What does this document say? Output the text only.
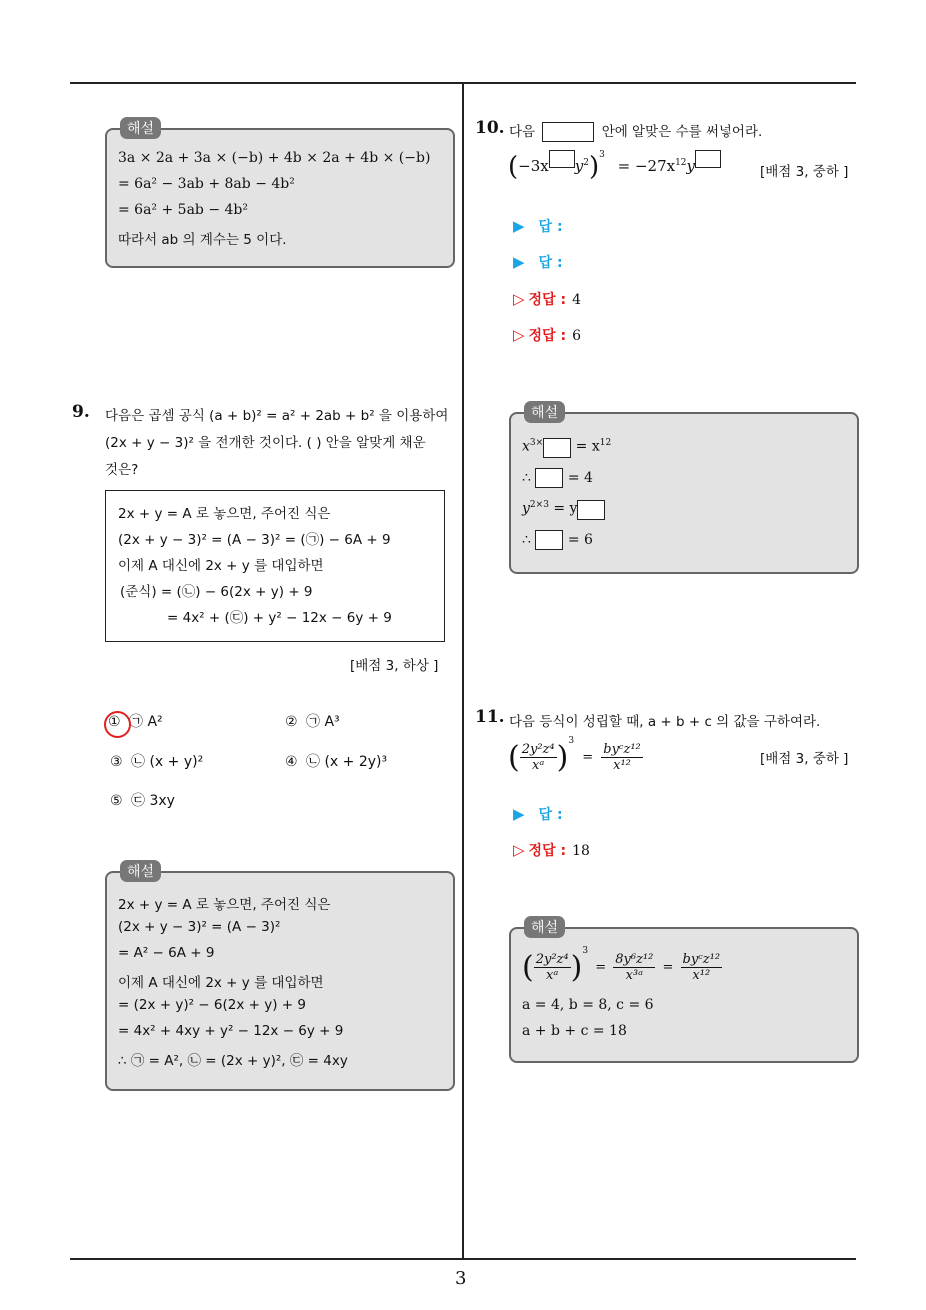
3
해설
3a × 2a + 3a × (−b) + 4b × 2a + 4b × (−b)
= 6a² − 3ab + 8ab − 4b²
= 6a² + 5ab − 4b²
따라서 ab 의 계수는 5 이다.
9. 다음은 곱셈 공식 (a + b)² = a² + 2ab + b² 을 이용하여
(2x + y − 3)² 을 전개한 것이다. ( ) 안을 알맞게 채운
것은?
2x + y = A 로 놓으면, 주어진 식은
(2x + y − 3)² = (A − 3)² = (㉠) − 6A + 9
이제 A 대신에 2x + y 를 대입하면
(준식) = (㉡) − 6(2x + y) + 9
= 4x² + (㉢) + y² − 12x − 6y + 9
[배점 3, 하상 ]
① ㉠ A²	② ㉠ A³
③ ㉡ (x + y)²	④ ㉡ (x + 2y)³
⑤ ㉢ 3xy
해설
2x + y = A 로 놓으면, 주어진 식은
(2x + y − 3)² = (A − 3)²
= A² − 6A + 9
이제 A 대신에 2x + y 를 대입하면
= (2x + y)² − 6(2x + y) + 9
= 4x² + 4xy + y² − 12x − 6y + 9
∴ ㉠ = A², ㉡ = (2x + y)², ㉢ = 4xy
10. 다음	안에 알맞은 수를 써넣어라.
(−3x $y^2)^3 = -27x^{12}y$	[배점 3, 중하 ]
▶ 답 :
▶ 답 :
▷ 정답 : 4
▷ 정답 : 6
해설
$x^{3\times} = x^{12}$
∴	= 4
$y^{2\times 3} = y$
∴	= 6
11. 다음 등식이 성립할 때, a + b + c 의 값을 구하여라.
( $\frac{\text{2y²z⁴}}{\text{xᵃ}} )^3 = \frac{\text{byᶜz¹²}}{\text{x¹²}}$	[배점 3, 중하 ]
▶ 답 :
▷ 정답 : 18
해설
( $\frac{\text{2y²z⁴}}{\text{xᵃ}} )^3 = \frac{\text{8y⁶z¹²}}{\text{x³ᵃ}} = \frac{\text{byᶜz¹²}}{\text{x¹²}}$
a = 4, b = 8, c = 6
a + b + c = 18
